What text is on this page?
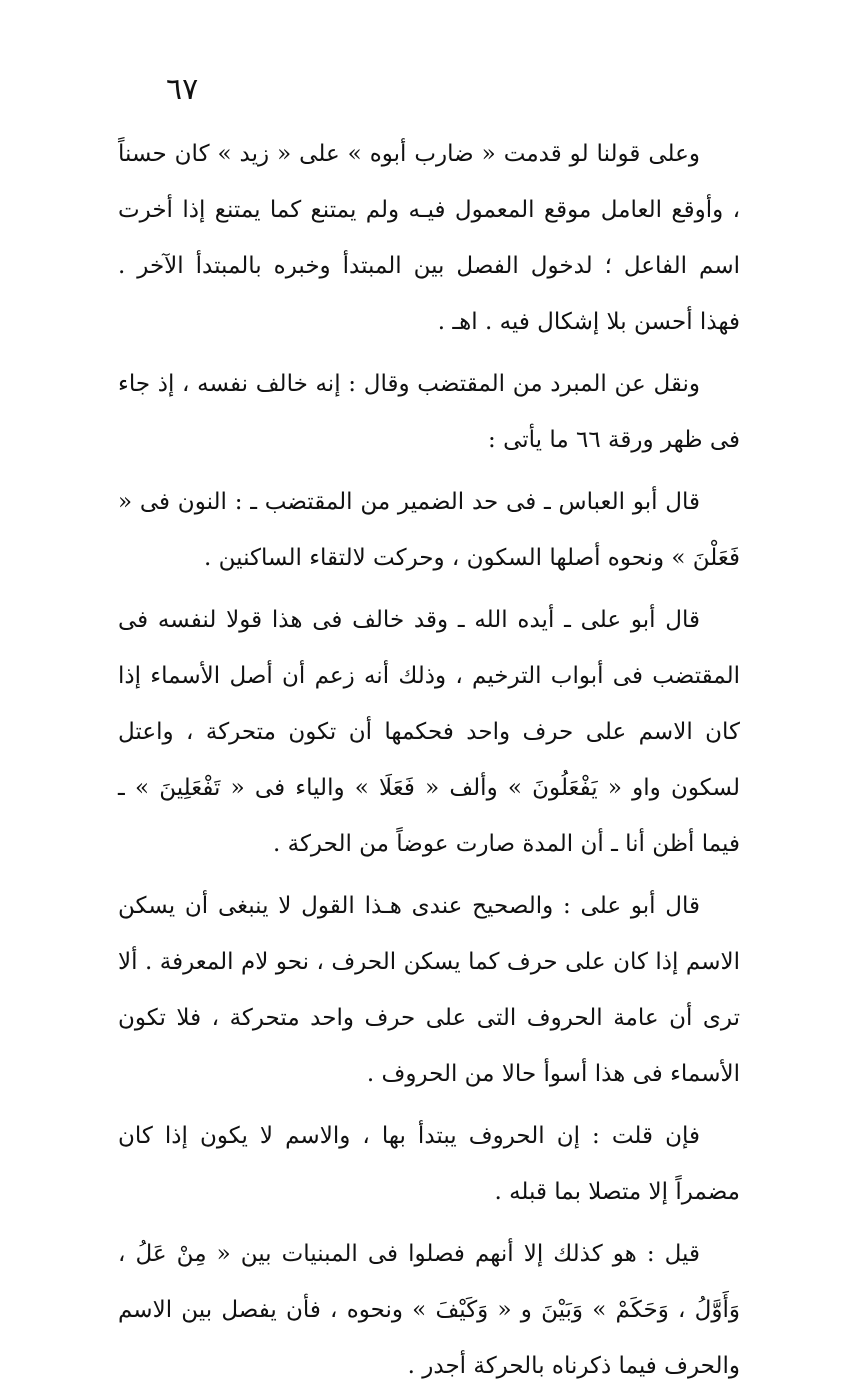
٦٧

وعلى قولنا لو قدمت « ضارب أبوه » على « زيد » كان حسناً ، وأوقع العامل موقع المعمول فيـه ولم يمتنع كما يمتنع إذا أخرت اسم الفاعل ؛ لدخول الفصل بين المبتدأ وخبره بالمبتدأ الآخر . فهذا أحسن بلا إشكال فيه . اهـ .

ونقل عن المبرد من المقتضب وقال : إنه خالف نفسه ، إذ جاء فى ظهر ورقة ٦٦ ما يأتى :

قال أبو العباس ـ فى حد الضمير من المقتضب ـ : النون فى « فَعَلْنَ » ونحوه أصلها السكون ، وحركت لالتقاء الساكنين .

قال أبو على ـ أيده الله ـ وقد خالف فى هذا قولا لنفسه فى المقتضب فى أبواب الترخيم ، وذلك أنه زعم أن أصل الأسماء إذا كان الاسم على حرف واحد فحكمها أن تكون متحركة ، واعتل لسكون واو « يَفْعَلُونَ » وألف « فَعَلَا » والياء فى « تَفْعَلِينَ » ـ فيما أظن أنا ـ أن المدة صارت عوضاً من الحركة .

قال أبو على : والصحيح عندى هـذا القول لا ينبغى أن يسكن الاسم إذا كان على حرف كما يسكن الحرف ، نحو لام المعرفة . ألا ترى أن عامة الحروف التى على حرف واحد متحركة ، فلا تكون الأسماء فى هذا أسوأ حالا من الحروف .

فإن قلت : إن الحروف يبتدأ بها ، والاسم لا يكون إذا كان مضمراً إلا متصلا بما قبله .

قيل : هو كذلك إلا أنهم فصلوا فى المبنيات بين « مِنْ عَلُ ، وَأَوَّلُ ، وَحَكَمْ » وَبَيْنَ و « وَكَيْفَ » ونحوه ، فأن يفصل بين الاسم والحرف فيما ذكرناه بالحركة أجدر .
